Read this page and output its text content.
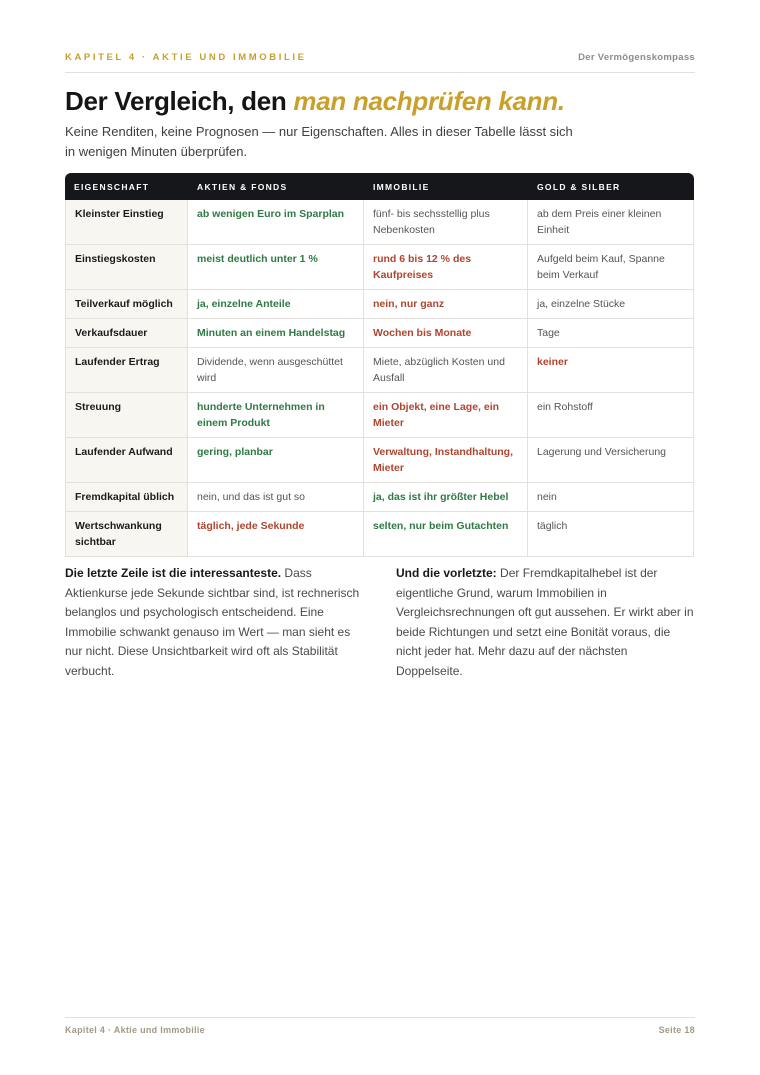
KAPITEL 4 · AKTIE UND IMMOBILIE	Der Vermögenskompass
Der Vergleich, den man nachprüfen kann.

Keine Renditen, keine Prognosen — nur Eigenschaften. Alles in dieser Tabelle lässt sich in wenigen Minuten überprüfen.

EIGENSCHAFT	AKTIEN & FONDS	IMMOBILIE	GOLD & SILBER
Kleinster Einstieg	ab wenigen Euro im Sparplan	fünf- bis sechsstellig plus Nebenkosten	ab dem Preis einer kleinen Einheit
Einstiegskosten	meist deutlich unter 1 %	rund 6 bis 12 % des Kaufpreises	Aufgeld beim Kauf, Spanne beim Verkauf
Teilverkauf möglich	ja, einzelne Anteile	nein, nur ganz	ja, einzelne Stücke
Verkaufsdauer	Minuten an einem Handelstag	Wochen bis Monate	Tage
Laufender Ertrag	Dividende, wenn ausgeschüttet wird	Miete, abzüglich Kosten und Ausfall	keiner
Streuung	hunderte Unternehmen in einem Produkt	ein Objekt, eine Lage, ein Mieter	ein Rohstoff
Laufender Aufwand	gering, planbar	Verwaltung, Instandhaltung, Mieter	Lagerung und Versicherung
Fremdkapital üblich	nein, und das ist gut so	ja, das ist ihr größter Hebel	nein
Wertschwankung sichtbar	täglich, jede Sekunde	selten, nur beim Gutachten	täglich

Die letzte Zeile ist die interessanteste. Dass Aktienkurse jede Sekunde sichtbar sind, ist rechnerisch belanglos und psychologisch entscheidend. Eine Immobilie schwankt genauso im Wert — man sieht es nur nicht. Diese Unsichtbarkeit wird oft als Stabilität verbucht.

Und die vorletzte: Der Fremdkapitalhebel ist der eigentliche Grund, warum Immobilien in Vergleichsrechnungen oft gut aussehen. Er wirkt aber in beide Richtungen und setzt eine Bonität voraus, die nicht jeder hat. Mehr dazu auf der nächsten Doppelseite.

Kapitel 4 · Aktie und Immobilie	Seite 18
